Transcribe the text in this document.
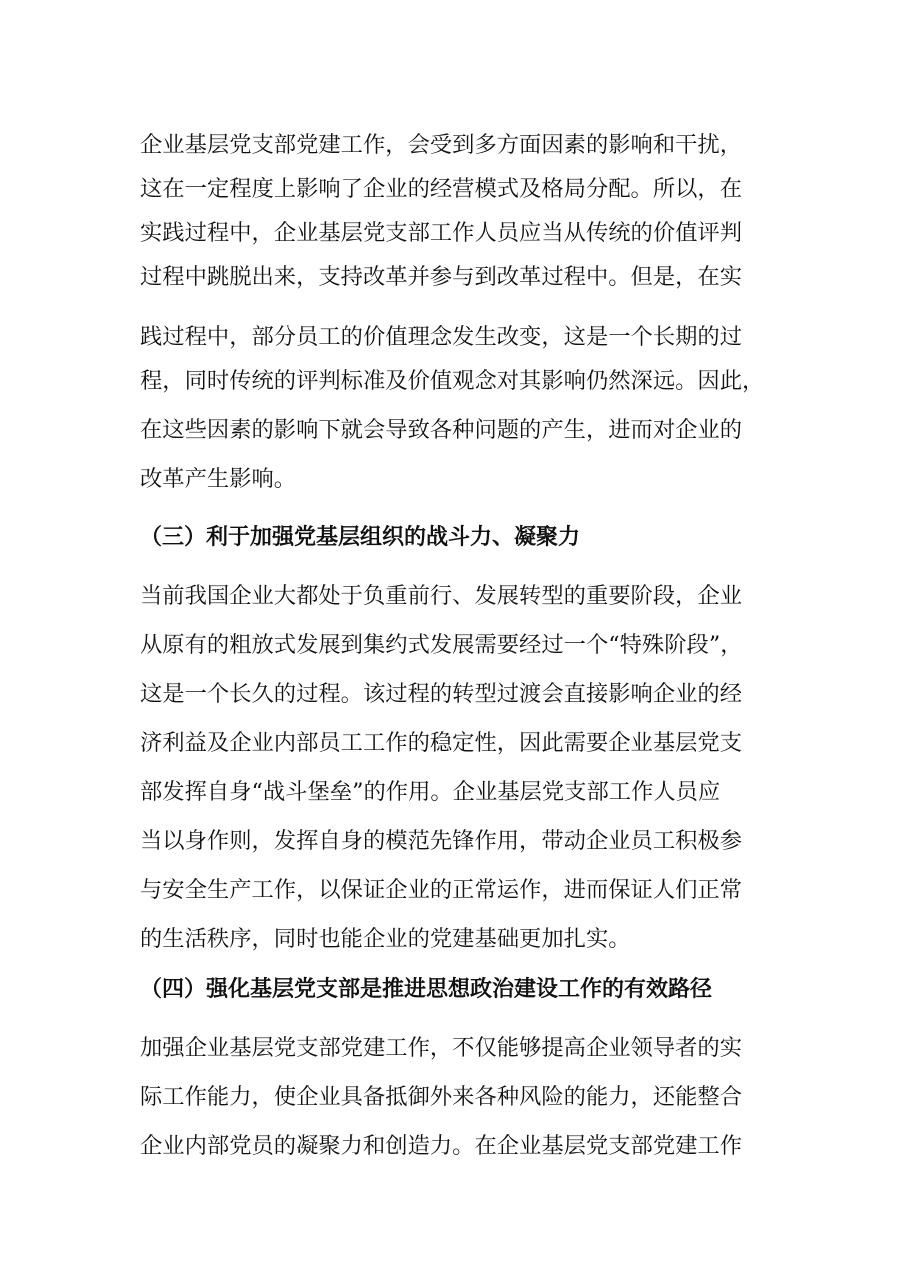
企业基层党支部党建工作，会受到多方面因素的影响和干扰，
这在一定程度上影响了企业的经营模式及格局分配。所以，在
实践过程中，企业基层党支部工作人员应当从传统的价值评判
过程中跳脱出来，支持改革并参与到改革过程中。但是，在实
践过程中，部分员工的价值理念发生改变，这是一个长期的过
程，同时传统的评判标准及价值观念对其影响仍然深远。因此，
在这些因素的影响下就会导致各种问题的产生，进而对企业的
改革产生影响。
（三）利于加强党基层组织的战斗力、凝聚力
当前我国企业大都处于负重前行、发展转型的重要阶段，企业
从原有的粗放式发展到集约式发展需要经过一个“特殊阶段”，
这是一个长久的过程。该过程的转型过渡会直接影响企业的经
济利益及企业内部员工工作的稳定性，因此需要企业基层党支
部发挥自身“战斗堡垒”的作用。企业基层党支部工作人员应
当以身作则，发挥自身的模范先锋作用，带动企业员工积极参
与安全生产工作，以保证企业的正常运作，进而保证人们正常
的生活秩序，同时也能企业的党建基础更加扎实。
（四）强化基层党支部是推进思想政治建设工作的有效路径
加强企业基层党支部党建工作，不仅能够提高企业领导者的实
际工作能力，使企业具备抵御外来各种风险的能力，还能整合
企业内部党员的凝聚力和创造力。在企业基层党支部党建工作
